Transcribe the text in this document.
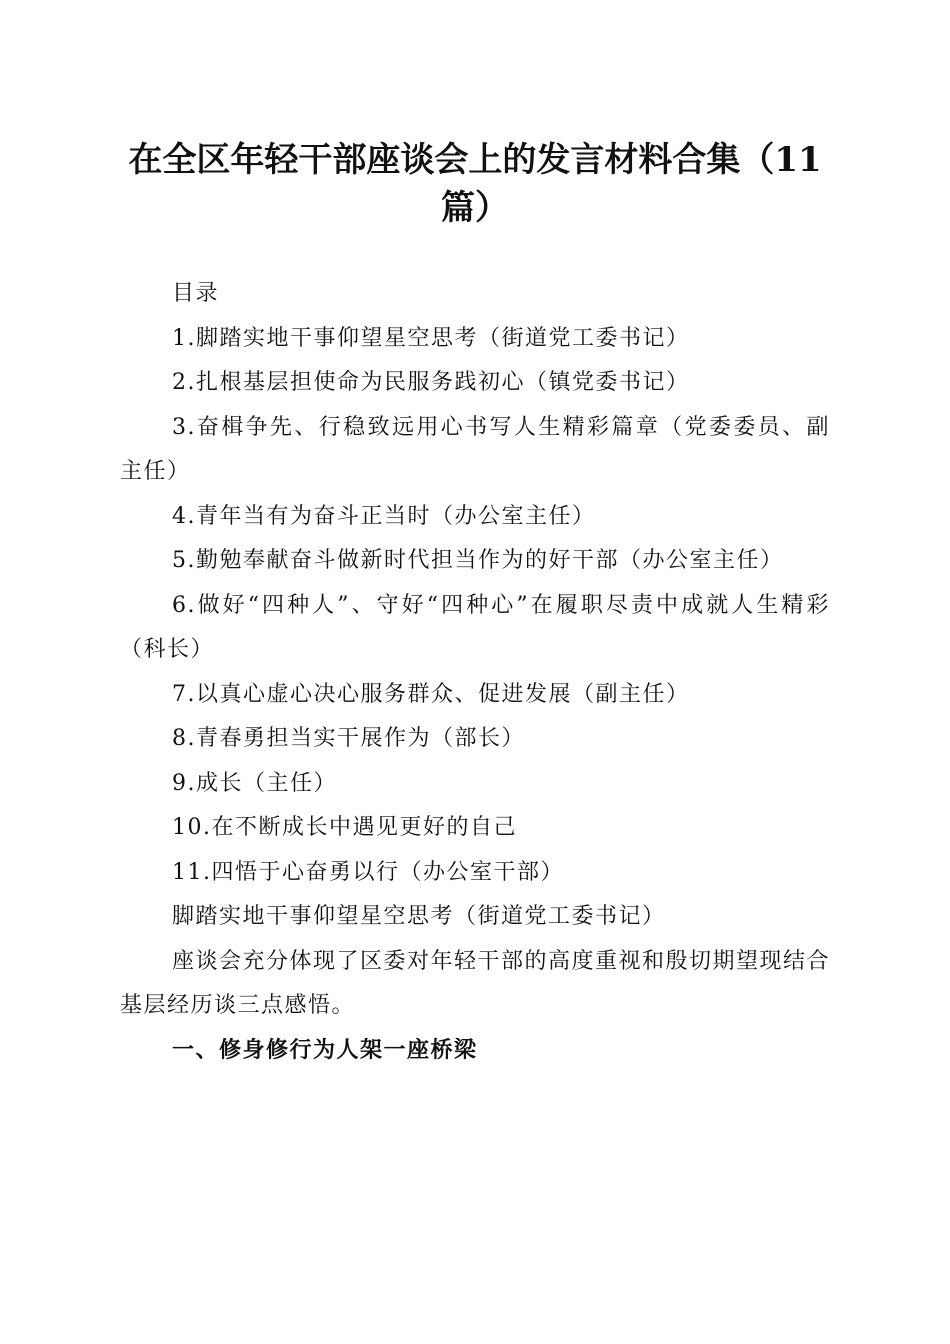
在全区年轻干部座谈会上的发言材料合集（11篇）

目录

1.脚踏实地干事仰望星空思考（街道党工委书记）

2.扎根基层担使命为民服务践初心（镇党委书记）

3.奋楫争先、行稳致远用心书写人生精彩篇章（党委委员、副主任）

4.青年当有为奋斗正当时（办公室主任）

5.勤勉奉献奋斗做新时代担当作为的好干部（办公室主任）

6.做好“四种人”、守好“四种心”在履职尽责中成就人生精彩（科长）

7.以真心虚心决心服务群众、促进发展（副主任）

8.青春勇担当实干展作为（部长）

9.成长（主任）

10.在不断成长中遇见更好的自己

11.四悟于心奋勇以行（办公室干部）

脚踏实地干事仰望星空思考（街道党工委书记）

座谈会充分体现了区委对年轻干部的高度重视和殷切期望现结合基层经历谈三点感悟。

一、修身修行为人架一座桥梁
